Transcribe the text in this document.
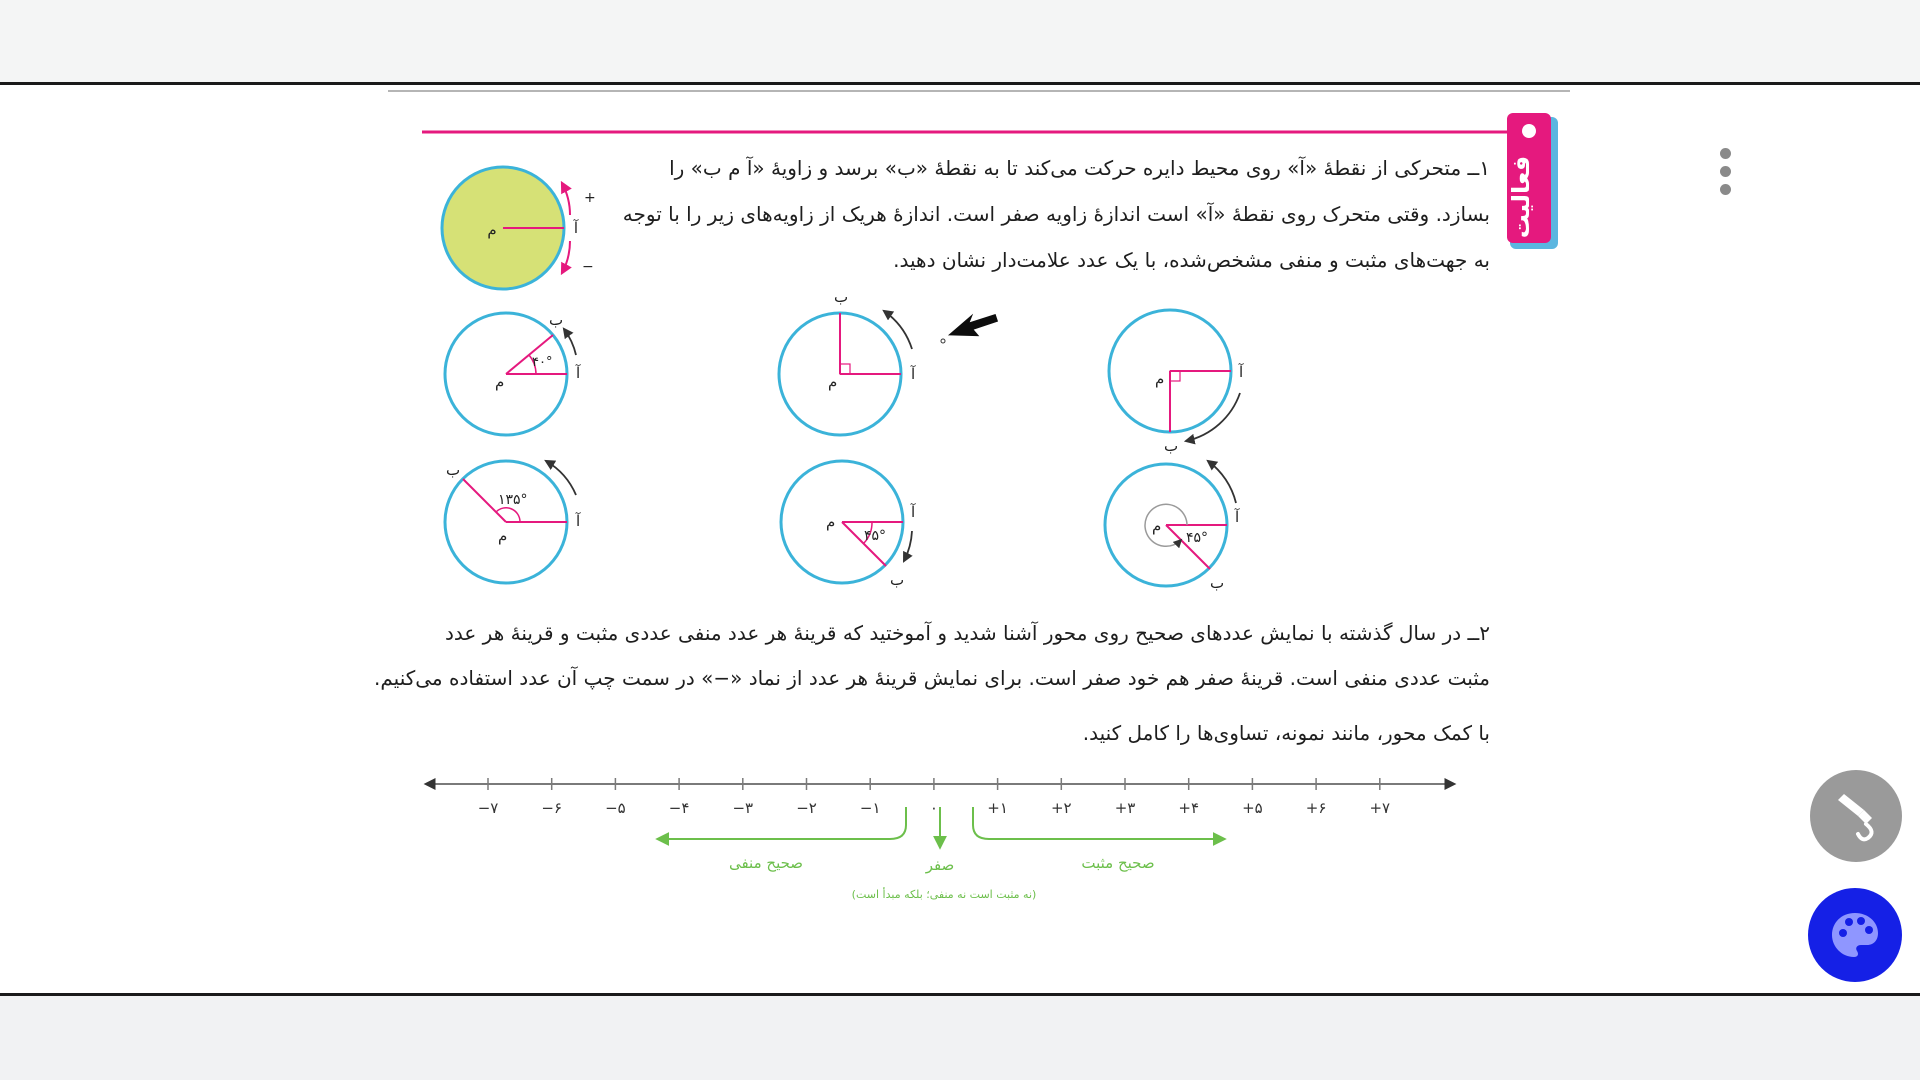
فعالیت
۱ــ متحرکی از نقطهٔ «آ» روی محیط دایره حرکت می‌کند تا به نقطهٔ «ب» برسد و زاویهٔ «آ م ب» را
بسازد. وقتی متحرک روی نقطهٔ «آ» است اندازهٔ زاویه صفر است. اندازهٔ هریک از زاویه‌های زیر را با توجه
به جهت‌های مثبت و منفی مشخص‌شده، با یک عدد علامت‌دار نشان دهید.
م	آ
+
−
۴۰°
م	آ
ب
م	آ
ب
م	آ
ب
۱۳۵°
م
آ
ب
۴۵°
م
آ
ب
۴۵°
م	آ
ب
۲ــ در سال گذشته با نمایش عددهای صحیح روی محور آشنا شدید و آموختید که قرینهٔ هر عدد منفی عددی مثبت و قرینهٔ هر عدد
مثبت عددی منفی است. قرینهٔ صفر هم خود صفر است. برای نمایش قرینهٔ هر عدد از نماد «−» در سمت چپ آن عدد استفاده می‌کنیم.
با کمک محور، مانند نمونه، تساوی‌ها را کامل کنید.
−۷	−۶	−۵	−۴	−۳	−۲	−۱	۰	+۱	+۲	+۳	+۴	+۵	+۶	+۷
صحیح منفی	صفر
(نه مثبت است نه منفی؛ بلکه مبدأ است)
صحیح مثبت
